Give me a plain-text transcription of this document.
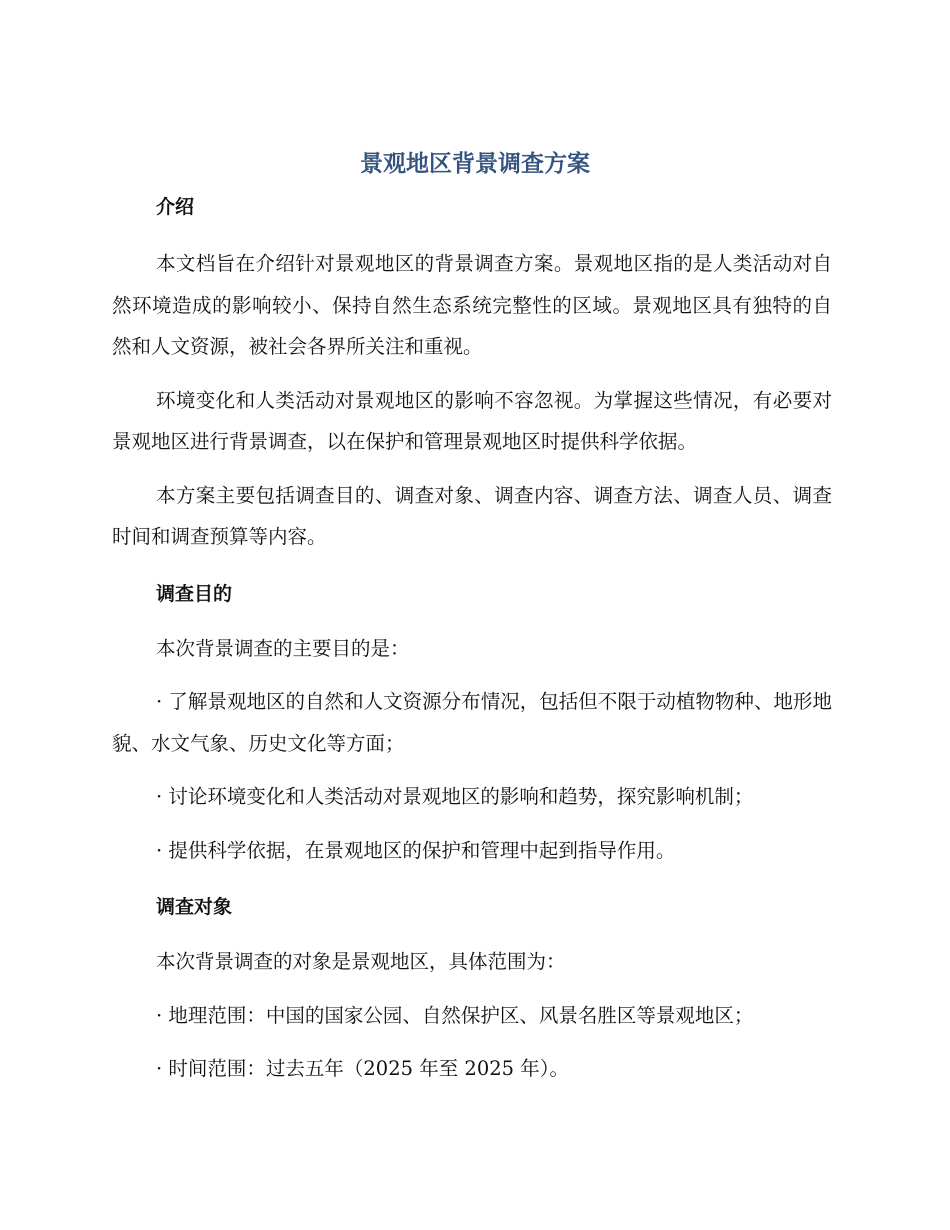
景观地区背景调查方案
介绍

本文档旨在介绍针对景观地区的背景调查方案。景观地区指的是人类活动对自然环境造成的影响较小、保持自然生态系统完整性的区域。景观地区具有独特的自然和人文资源，被社会各界所关注和重视。

环境变化和人类活动对景观地区的影响不容忽视。为掌握这些情况，有必要对景观地区进行背景调查，以在保护和管理景观地区时提供科学依据。

本方案主要包括调查目的、调查对象、调查内容、调查方法、调查人员、调查时间和调查预算等内容。

调查目的

本次背景调查的主要目的是：

· 了解景观地区的自然和人文资源分布情况，包括但不限于动植物物种、地形地貌、水文气象、历史文化等方面；

· 讨论环境变化和人类活动对景观地区的影响和趋势，探究影响机制；

· 提供科学依据，在景观地区的保护和管理中起到指导作用。

调查对象

本次背景调查的对象是景观地区，具体范围为：

· 地理范围：中国的国家公园、自然保护区、风景名胜区等景观地区；

· 时间范围：过去五年（2025 年至 2025 年）。
